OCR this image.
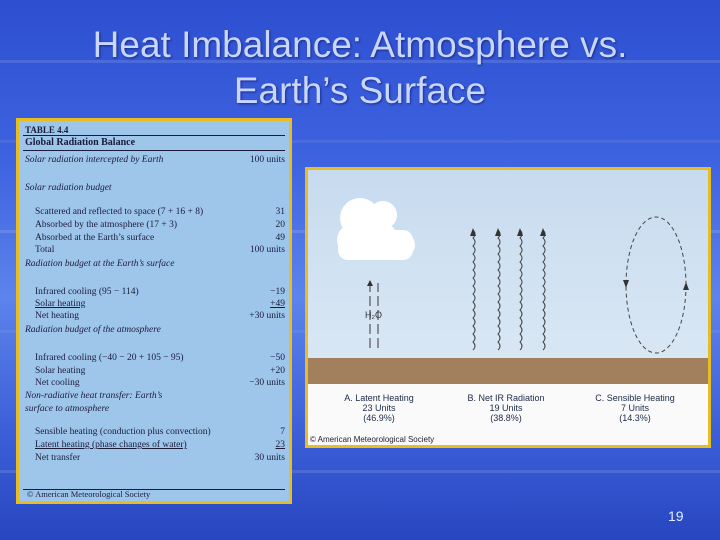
Heat Imbalance: Atmosphere vs.
Earth’s Surface
TABLE 4.4
Global Radiation Balance
Solar radiation intercepted by Earth	100 units
Solar radiation budget
Scattered and reflected to space (7 + 16 + 8)	31
Absorbed by the atmosphere (17 + 3)	20
Absorbed at the Earth’s surface	49
Total	100 units
Radiation budget at the Earth’s surface
Infrared cooling (95 − 114)	−19
Solar heating	+49
Net heating	+30 units
Radiation budget of the atmosphere
Infrared cooling (−40 − 20 + 105 − 95)	−50
Solar heating	+20
Net cooling	−30 units
Non-radiative heat transfer: Earth’s
surface to atmosphere
Sensible heating (conduction plus convection)	7
Latent heating (phase changes of water)	23
Net transfer	30 units
© American Meteorological Society
H₂O
A. Latent Heating
23 Units
(46.9%)
B. Net IR Radiation
19 Units
(38.8%)
C. Sensible Heating
7 Units
(14.3%)
© American Meteorological Society
19
